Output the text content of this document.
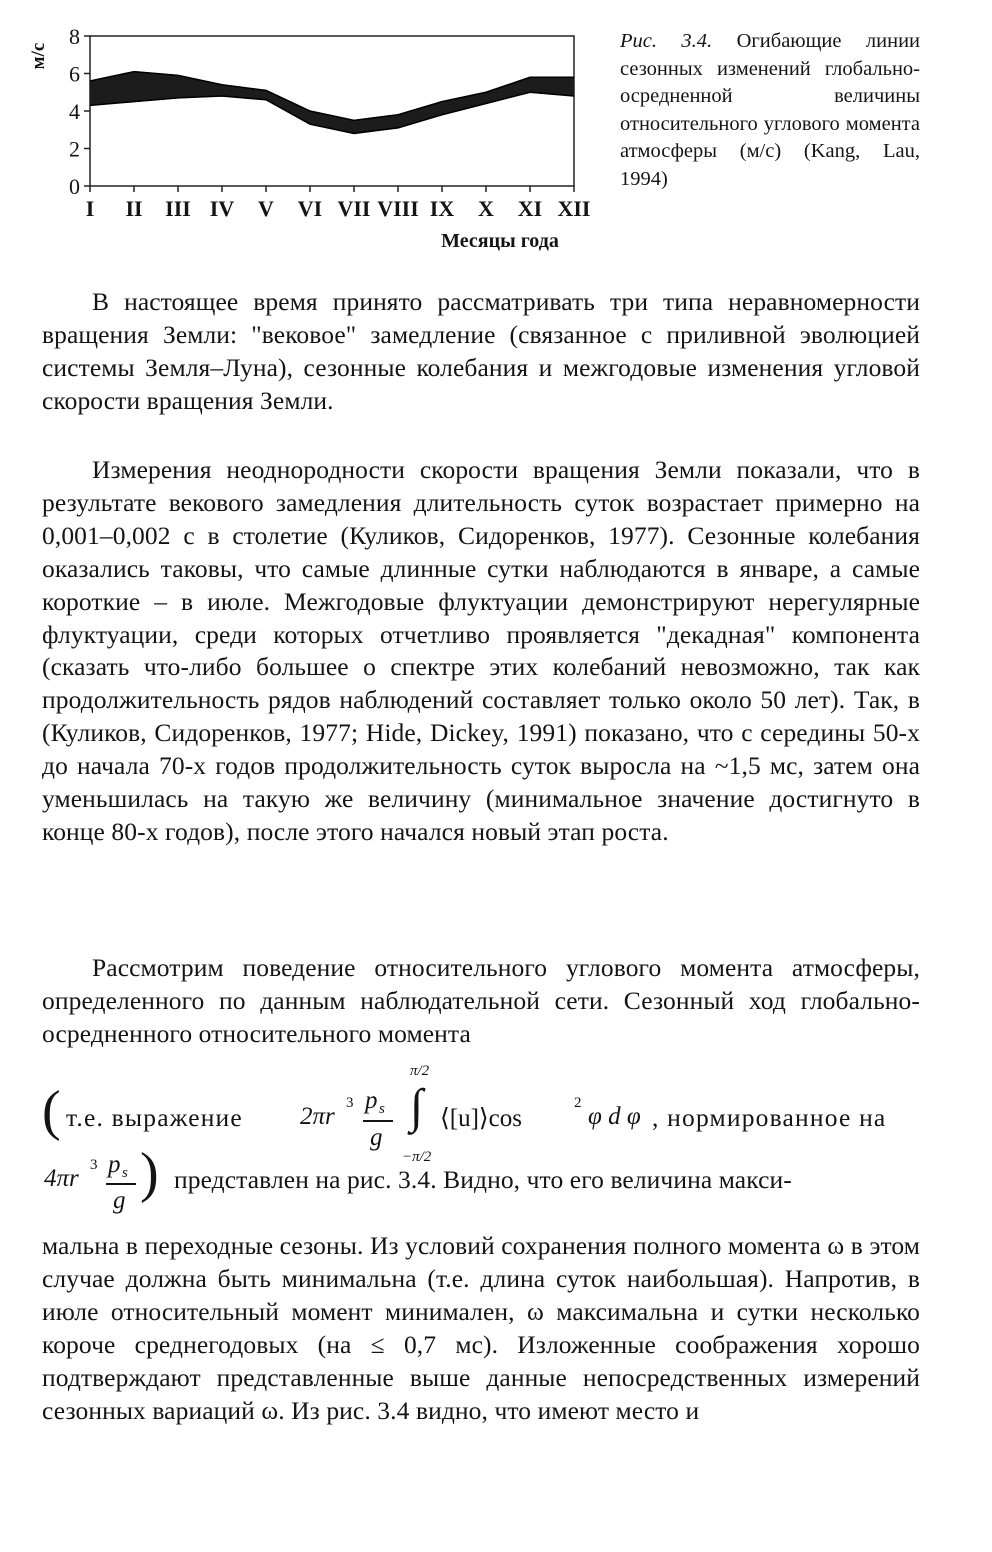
0
2
4
6
8
м/с
I II III IV V VI VII VIII IX X XI XII
Месяцы года
Рис. 3.4. Огибающие линии сезонных изменений глобально-осредненной величины относительного углового момента атмосферы (м/с) (Kang, Lau, 1994)

В настоящее время принято рассматривать три типа неравномерности вращения Земли: "вековое" замедление (связанное с приливной эволюцией системы Земля–Луна), сезонные колебания и межгодовые изменения угловой скорости вращения Земли.

Измерения неоднородности скорости вращения Земли показали, что в результате векового замедления длительность суток возрастает примерно на 0,001–0,002 с в столетие (Куликов, Сидоренков, 1977). Сезонные колебания оказались таковы, что самые длинные сутки наблюдаются в январе, а самые короткие – в июле. Межгодовые флуктуации демонстрируют нерегулярные флуктуации, среди которых отчетливо проявляется "декадная" компонента (сказать что-либо большее о спектре этих колебаний невозможно, так как продолжительность рядов наблюдений составляет только около 50 лет). Так, в (Куликов, Сидоренков, 1977; Hide, Dickey, 1991) показано, что с середины 50-х до начала 70-х годов продолжительность суток выросла на ~1,5 мс, затем она уменьшилась на такую же величину (минимальное значение достигнуто в конце 80-х годов), после этого начался новый этап роста.

Рассмотрим поведение относительного углового момента атмосферы, определенного по данным наблюдательной сети. Сезонный ход глобально-осредненного относительного момента

( т.е. выражение 2πr 3 p s
g
π/2
∫
−π/2
⟨[u]⟩cos
2 φ d φ , нормированное на
4πr 3 p s
g ) представлен на рис. 3.4. Видно, что его величина макси-

мальна в переходные сезоны. Из условий сохранения полного момента ω в этом случае должна быть минимальна (т.е. длина суток наибольшая). Напротив, в июле относительный момент минимален, ω максимальна и сутки несколько короче среднегодовых (на ≤ 0,7 мс). Изложенные соображения хорошо подтверждают представленные выше данные непосредственных измерений сезонных вариаций ω. Из рис. 3.4 видно, что имеют место и
